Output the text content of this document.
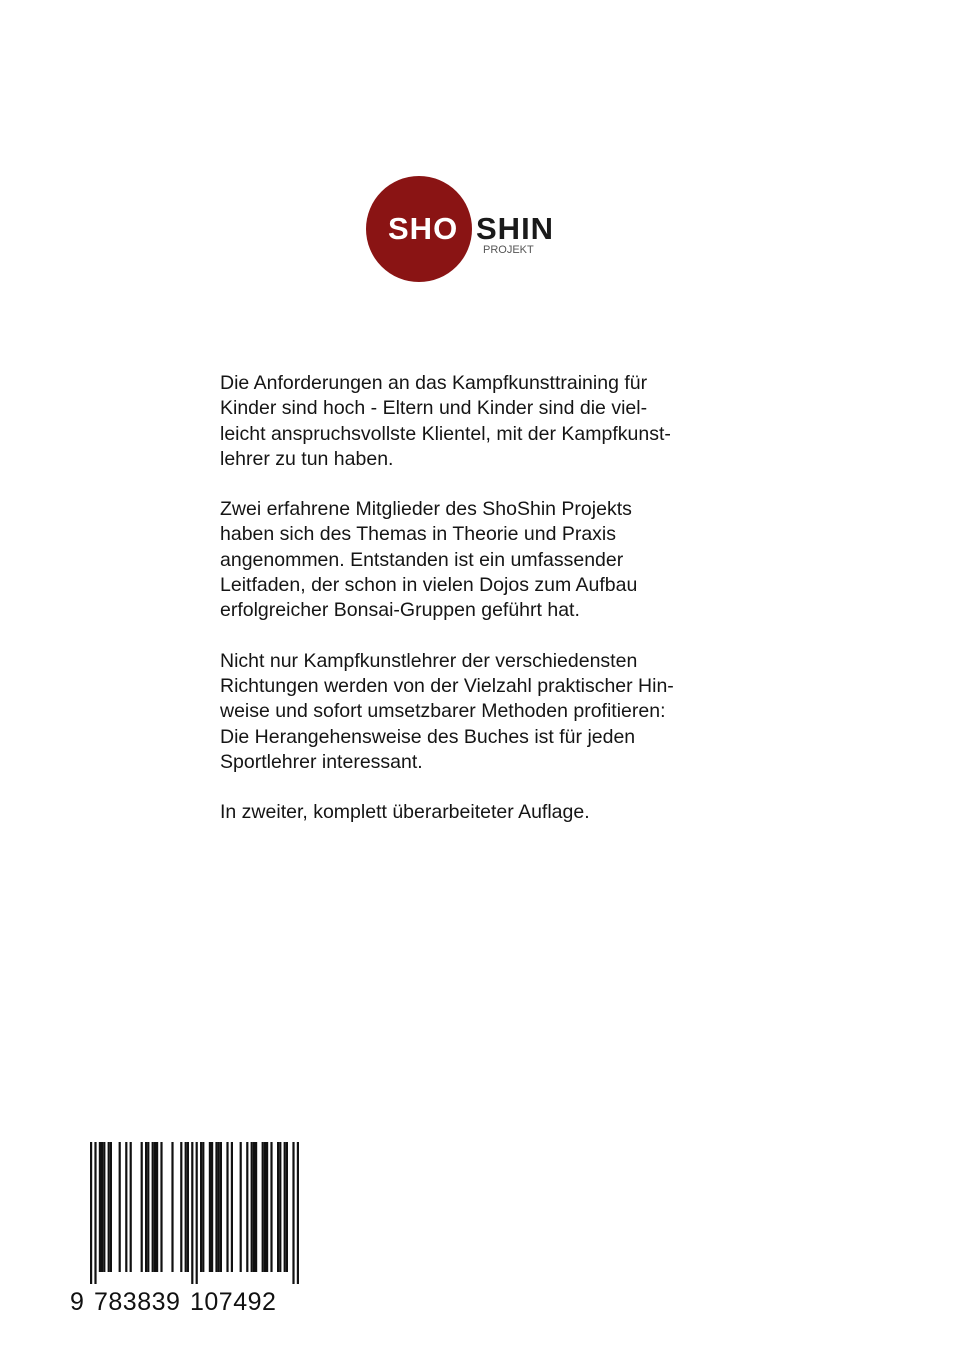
SHO SHIN
PROJEKT

Die Anforderungen an das Kampfkunsttraining für
Kinder sind hoch - Eltern und Kinder sind die viel-
leicht anspruchsvollste Klientel, mit der Kampfkunst-
lehrer zu tun haben.

Zwei erfahrene Mitglieder des ShoShin Projekts
haben sich des Themas in Theorie und Praxis
angenommen. Entstanden ist ein umfassender
Leitfaden, der schon in vielen Dojos zum Aufbau
erfolgreicher Bonsai-Gruppen geführt hat.

Nicht nur Kampfkunstlehrer der verschiedensten
Richtungen werden von der Vielzahl praktischer Hin-
weise und sofort umsetzbarer Methoden profitieren:
Die Herangehensweise des Buches ist für jeden
Sportlehrer interessant.

In zweiter, komplett überarbeiteter Auflage.

9 783839 107492
